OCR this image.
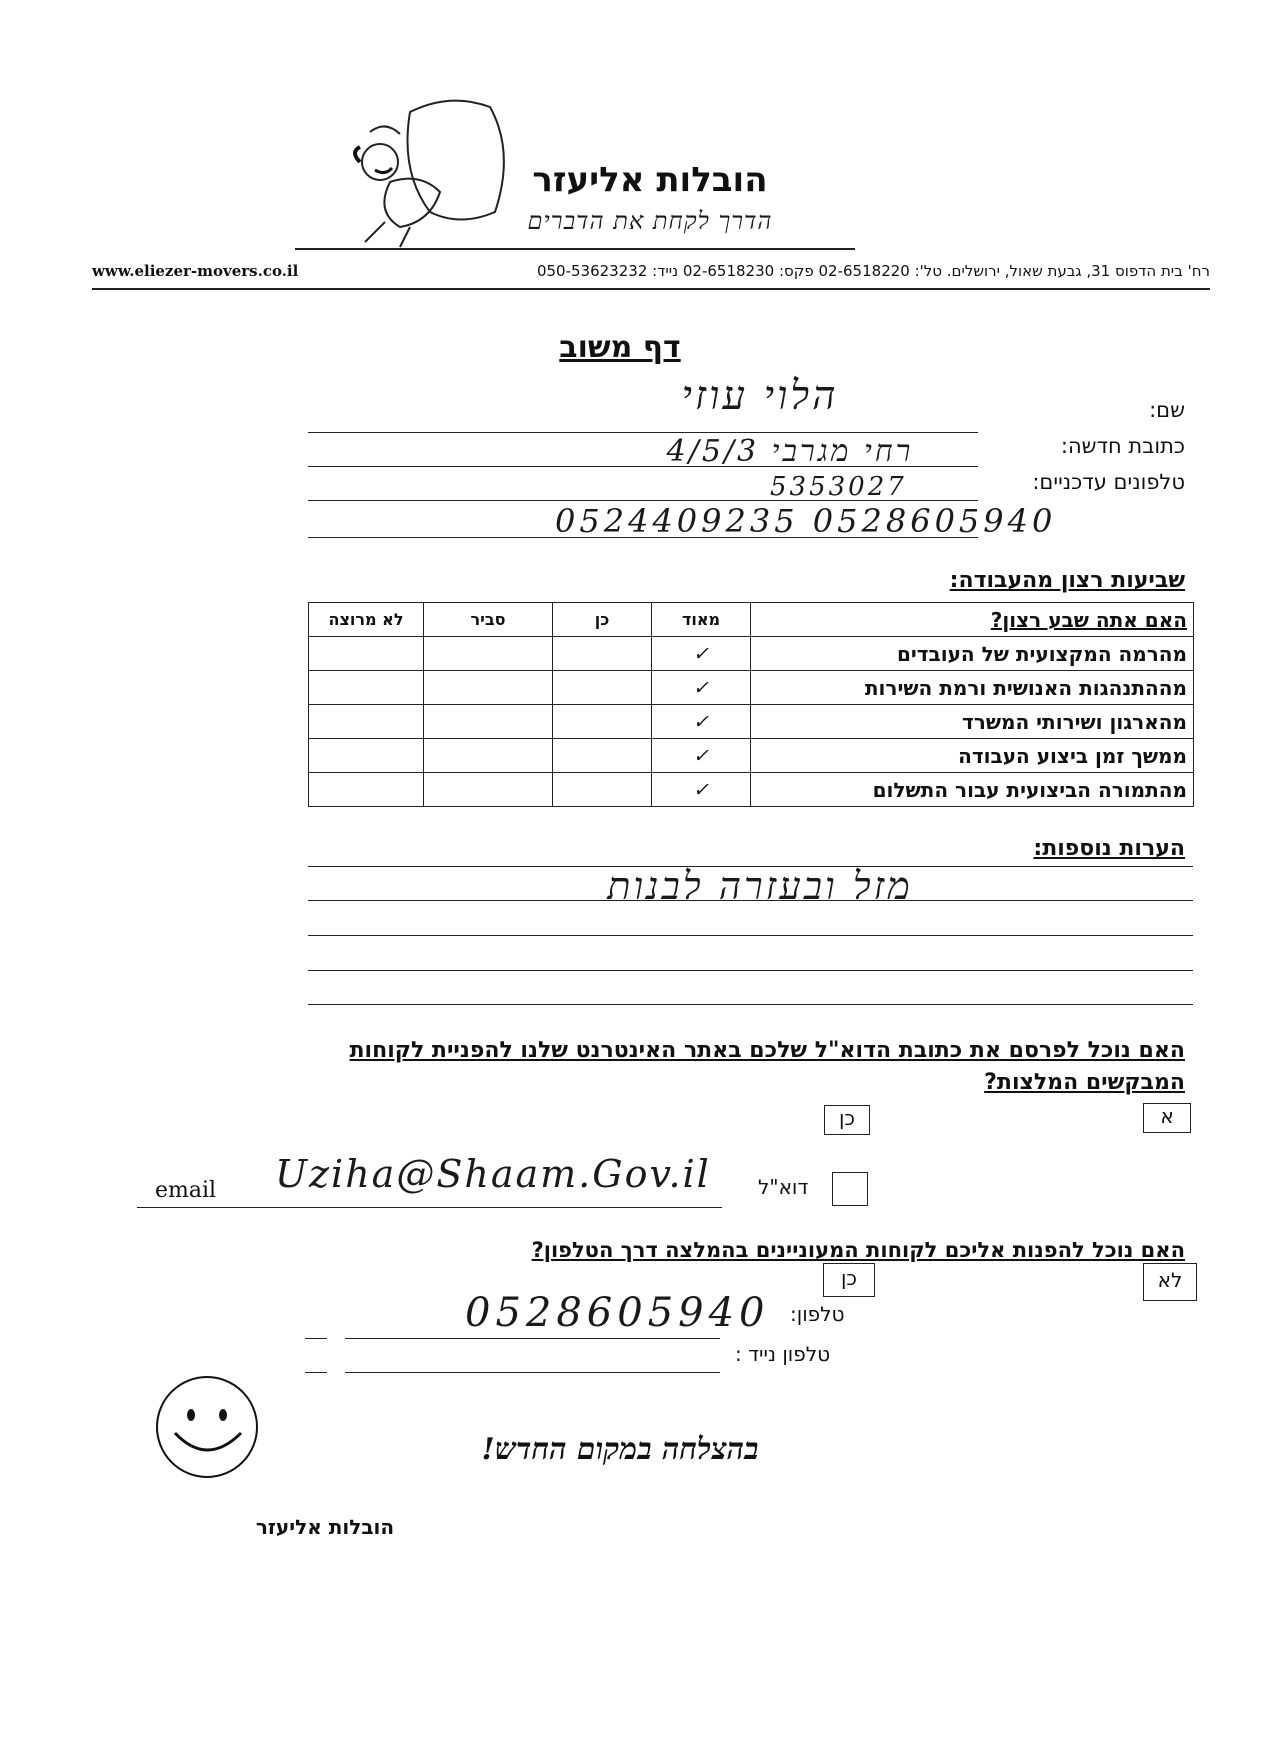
הובלות אליעזר
הדרך לקחת את הדברים
www.eliezer-movers.co.il	רח' בית הדפוס 31, גבעת שאול, ירושלים. טל': 02-6518220 פקס: 02-6518230 נייד: 050-53623232
דף משוב
שם:
הלוי עוזי
כתובת חדשה:
רחי מגרבי 4/5/3
טלפונים עדכניים:
5353027
0524409235 0528605940
שביעות רצון מהעבודה:
האם אתה שבע רצון?	מאוד	כן	סביר	לא מרוצה
מהרמה המקצועית של העובדים	✓			
מההתנהגות האנושית ורמת השירות	✓			
מהארגון ושירותי המשרד	✓			
ממשך זמן ביצוע העבודה	✓			
מהתמורה הביצועית עבור התשלום	✓			
הערות נוספות:
מזל ובעזרה לבנות
האם נוכל לפרסם את כתובת הדוא"ל שלכם באתר האינטרנט שלנו להפניית לקוחות
המבקשים המלצות?
א
כן
email Uziha@Shaam.Gov.il דוא"ל
האם נוכל להפנות אליכם לקוחות המעוניינים בהמלצה דרך הטלפון?
לא
כן
טלפון:
0528605940
טלפון נייד :
בהצלחה במקום החדש!
הובלות אליעזר
